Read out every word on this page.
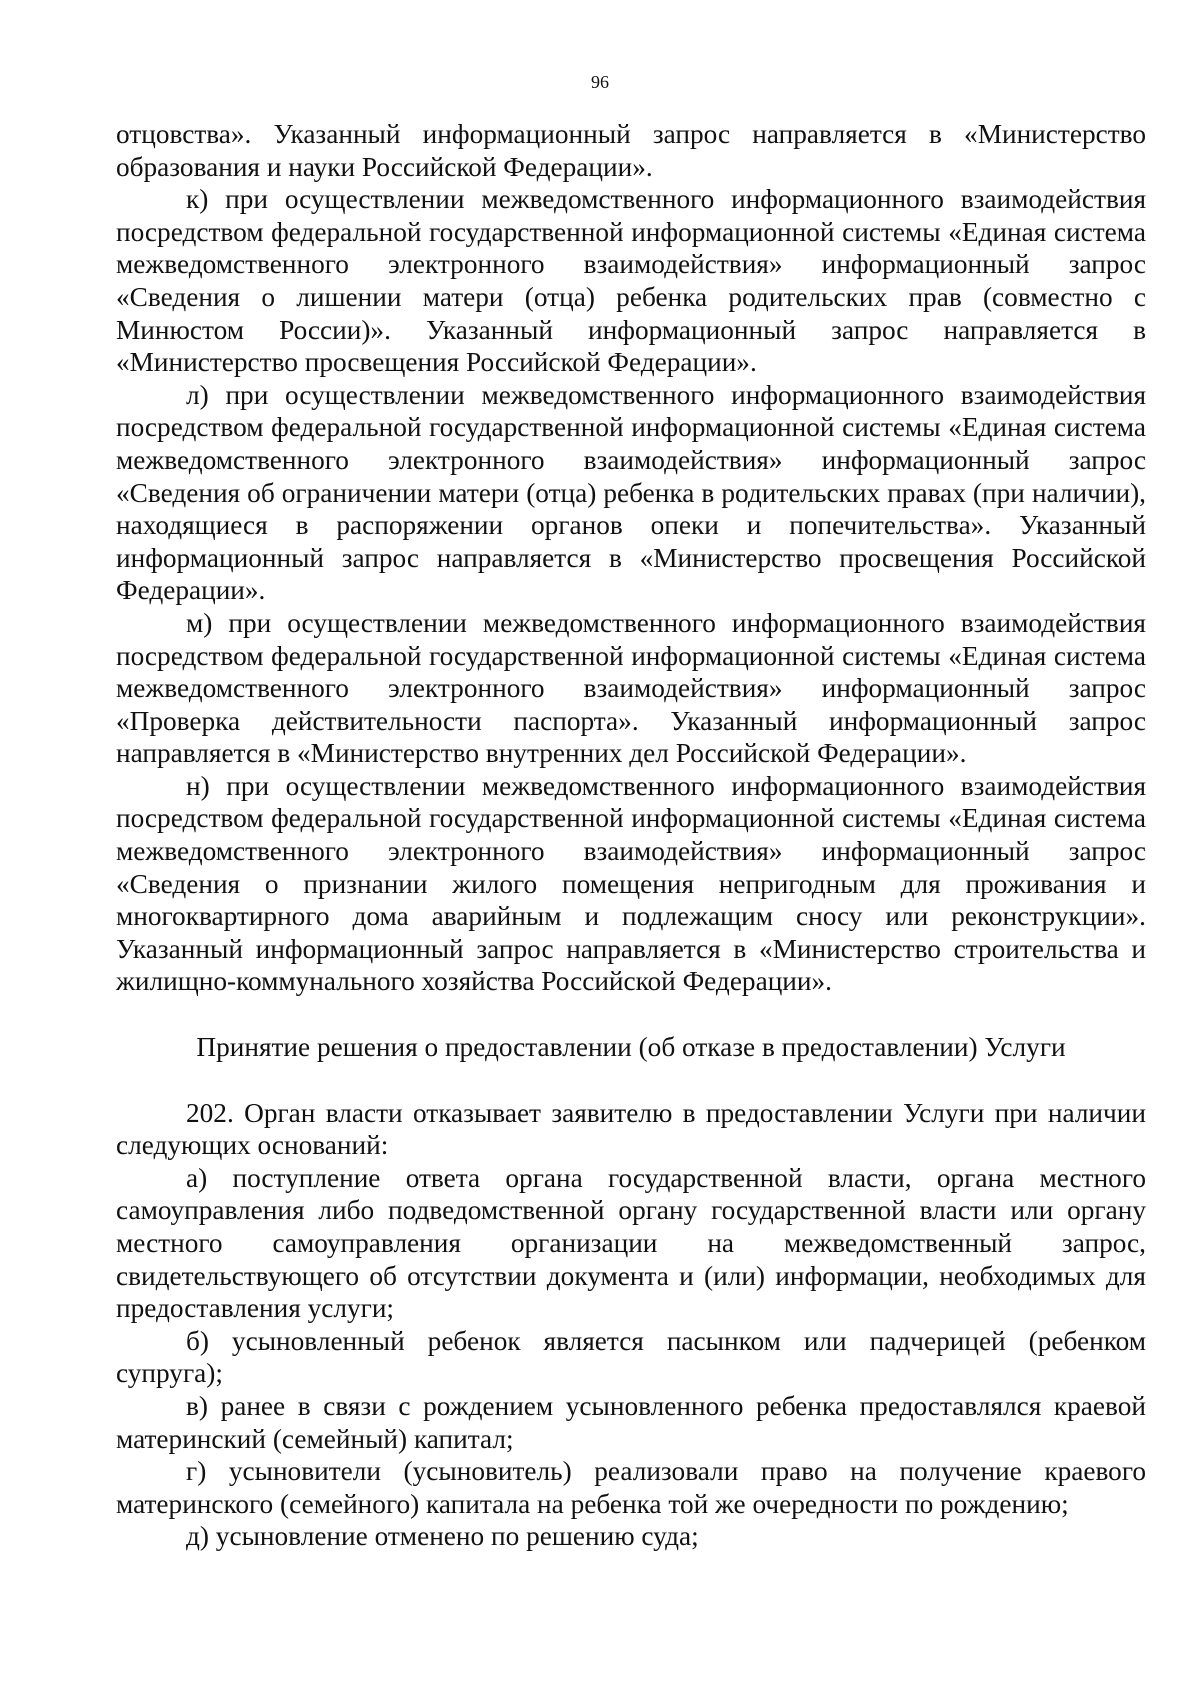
96

отцовства». Указанный информационный запрос направляется в «Министерство образования и науки Российской Федерации».

к) при осуществлении межведомственного информационного взаимодействия посредством федеральной государственной информационной системы «Единая система межведомственного электронного взаимодействия» информационный запрос «Сведения о лишении матери (отца) ребенка родительских прав (совместно с Минюстом России)». Указанный информационный запрос направляется в «Министерство просвещения Российской Федерации».

л) при осуществлении межведомственного информационного взаимодействия посредством федеральной государственной информационной системы «Единая система межведомственного электронного взаимодействия» информационный запрос «Сведения об ограничении матери (отца) ребенка в родительских правах (при наличии), находящиеся в распоряжении органов опеки и попечительства». Указанный информационный запрос направляется в «Министерство просвещения Российской Федерации».

м) при осуществлении межведомственного информационного взаимодействия посредством федеральной государственной информационной системы «Единая система межведомственного электронного взаимодействия» информационный запрос «Проверка действительности паспорта». Указанный информационный запрос направляется в «Министерство внутренних дел Российской Федерации».

н) при осуществлении межведомственного информационного взаимодействия посредством федеральной государственной информационной системы «Единая система межведомственного электронного взаимодействия» информационный запрос «Сведения о признании жилого помещения непригодным для проживания и многоквартирного дома аварийным и подлежащим сносу или реконструкции». Указанный информационный запрос направляется в «Министерство строительства и жилищно-коммунального хозяйства Российской Федерации».

Принятие решения о предоставлении (об отказе в предоставлении) Услуги

202. Орган власти отказывает заявителю в предоставлении Услуги при наличии следующих оснований:

а) поступление ответа органа государственной власти, органа местного самоуправления либо подведомственной органу государственной власти или органу местного самоуправления организации на межведомственный запрос, свидетельствующего об отсутствии документа и (или) информации, необходимых для предоставления услуги;

б) усыновленный ребенок является пасынком или падчерицей (ребенком супруга);

в) ранее в связи с рождением усыновленного ребенка предоставлялся краевой материнский (семейный) капитал;

г) усыновители (усыновитель) реализовали право на получение краевого материнского (семейного) капитала на ребенка той же очередности по рождению;

д) усыновление отменено по решению суда;
